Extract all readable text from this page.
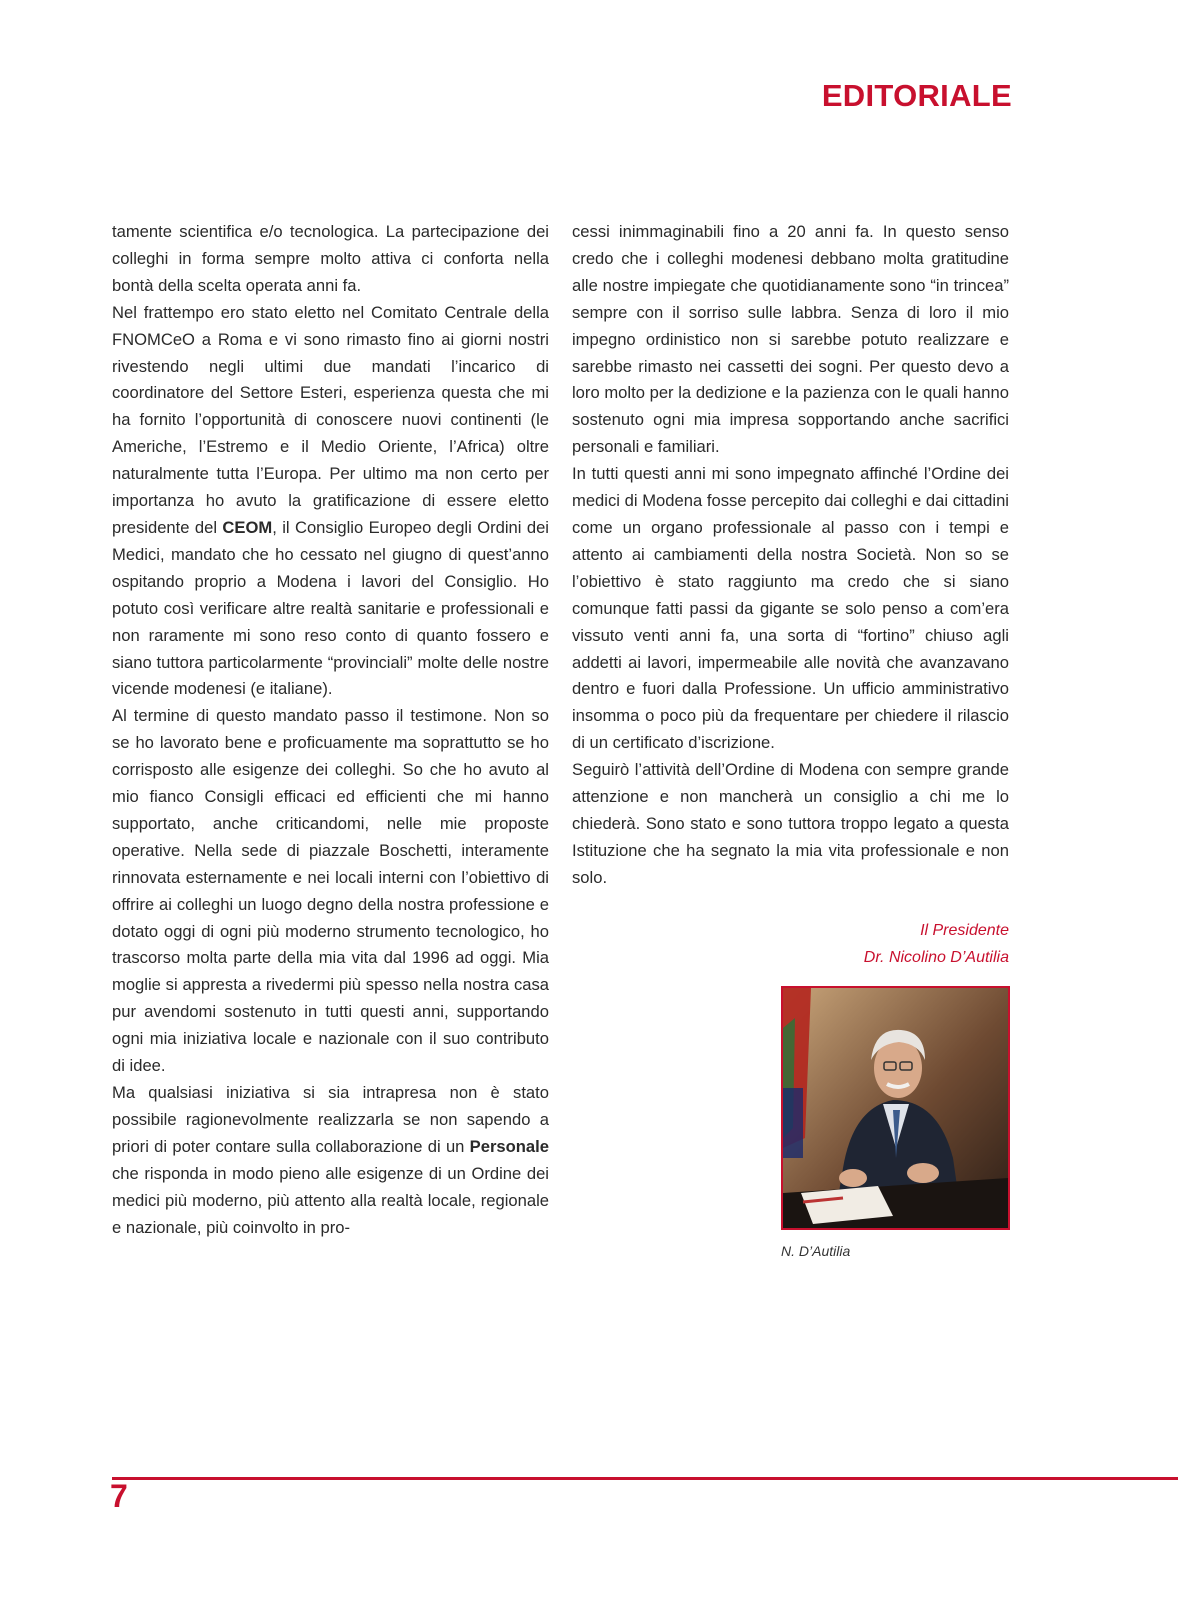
EDITORIALE

tamente scientifica e/o tecnologica. La partecipazione dei colleghi in forma sempre molto attiva ci conforta nella bontà della scelta operata anni fa.

Nel frattempo ero stato eletto nel Comitato Centrale della FNOMCeO a Roma e vi sono rimasto fino ai giorni nostri rivestendo negli ultimi due mandati l’incarico di coordinatore del Settore Esteri, esperienza questa che mi ha fornito l’opportunità di conoscere nuovi continenti (le Americhe, l’Estremo e il Medio Oriente, l’Africa) oltre naturalmente tutta l’Europa. Per ultimo ma non certo per importanza ho avuto la gratificazione di essere eletto presidente del CEOM, il Consiglio Europeo degli Ordini dei Medici, mandato che ho cessato nel giugno di quest’anno ospitando proprio a Modena i lavori del Consiglio. Ho potuto così verificare altre realtà sanitarie e professionali e non raramente mi sono reso conto di quanto fossero e siano tuttora particolarmente “provinciali” molte delle nostre vicende modenesi (e italiane).

Al termine di questo mandato passo il testimone. Non so se ho lavorato bene e proficuamente ma soprattutto se ho corrisposto alle esigenze dei colleghi. So che ho avuto al mio fianco Consigli efficaci ed efficienti che mi hanno supportato, anche criticandomi, nelle mie proposte operative. Nella sede di piazzale Boschetti, interamente rinnovata esternamente e nei locali interni con l’obiettivo di offrire ai colleghi un luogo degno della nostra professione e dotato oggi di ogni più moderno strumento tecnologico, ho trascorso molta parte della mia vita dal 1996 ad oggi. Mia moglie si appresta a rivedermi più spesso nella nostra casa pur avendomi sostenuto in tutti questi anni, supportando ogni mia iniziativa locale e nazionale con il suo contributo di idee.

Ma qualsiasi iniziativa si sia intrapresa non è stato possibile ragionevolmente realizzarla se non sapendo a priori di poter contare sulla collaborazione di un Personale che risponda in modo pieno alle esigenze di un Ordine dei medici più moderno, più attento alla realtà locale, regionale e nazionale, più coinvolto in pro-

cessi inimmaginabili fino a 20 anni fa. In questo senso credo che i colleghi modenesi debbano molta gratitudine alle nostre impiegate che quotidianamente sono “in trincea” sempre con il sorriso sulle labbra. Senza di loro il mio impegno ordinistico non si sarebbe potuto realizzare e sarebbe rimasto nei cassetti dei sogni. Per questo devo a loro molto per la dedizione e la pazienza con le quali hanno sostenuto ogni mia impresa sopportando anche sacrifici personali e familiari.

In tutti questi anni mi sono impegnato affinché l’Ordine dei medici di Modena fosse percepito dai colleghi e dai cittadini come un organo professionale al passo con i tempi e attento ai cambiamenti della nostra Società. Non so se l’obiettivo è stato raggiunto ma credo che si siano comunque fatti passi da gigante se solo penso a com’era vissuto venti anni fa, una sorta di “fortino” chiuso agli addetti ai lavori, impermeabile alle novità che avanzavano dentro e fuori dalla Professione. Un ufficio amministrativo insomma o poco più da frequentare per chiedere il rilascio di un certificato d’iscrizione.

Seguirò l’attività dell’Ordine di Modena con sempre grande attenzione e non mancherà un consiglio a chi me lo chiederà. Sono stato e sono tuttora troppo legato a questa Istituzione che ha segnato la mia vita professionale e non solo.

Il Presidente
Dr. Nicolino D’Autilia
N. D’Autilia
7
